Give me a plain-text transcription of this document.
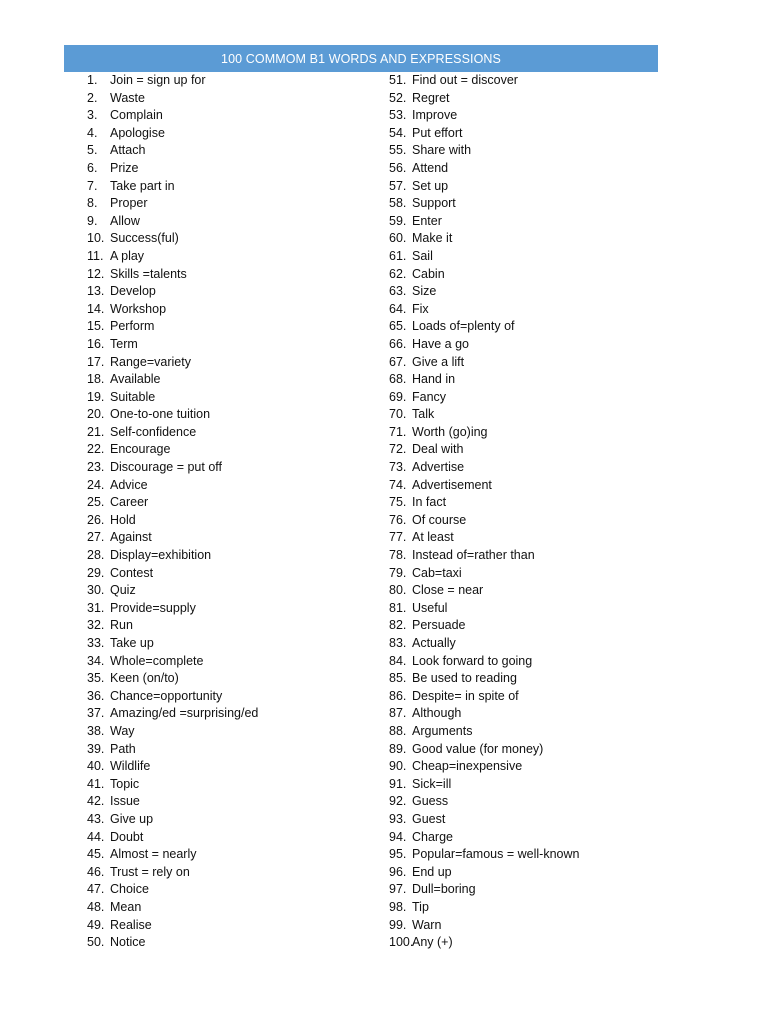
100 COMMOM B1 WORDS AND EXPRESSIONS
1. Join = sign up for
2. Waste
3. Complain
4. Apologise
5. Attach
6. Prize
7. Take part in
8. Proper
9. Allow
10. Success(ful)
11. A play
12. Skills =talents
13. Develop
14. Workshop
15. Perform
16. Term
17. Range=variety
18. Available
19. Suitable
20. One-to-one tuition
21. Self-confidence
22. Encourage
23. Discourage = put off
24. Advice
25. Career
26. Hold
27. Against
28. Display=exhibition
29. Contest
30. Quiz
31. Provide=supply
32. Run
33. Take up
34. Whole=complete
35. Keen (on/to)
36. Chance=opportunity
37. Amazing/ed =surprising/ed
38. Way
39. Path
40. Wildlife
41. Topic
42. Issue
43. Give up
44. Doubt
45. Almost = nearly
46. Trust = rely on
47. Choice
48. Mean
49. Realise
50. Notice
51. Find out = discover
52. Regret
53. Improve
54. Put effort
55. Share with
56. Attend
57. Set up
58. Support
59. Enter
60. Make it
61. Sail
62. Cabin
63. Size
64. Fix
65. Loads of=plenty of
66. Have a go
67. Give a lift
68. Hand in
69. Fancy
70. Talk
71. Worth (go)ing
72. Deal with
73. Advertise
74. Advertisement
75. In fact
76. Of course
77. At least
78. Instead of=rather than
79. Cab=taxi
80. Close = near
81. Useful
82. Persuade
83. Actually
84. Look forward to going
85. Be used to reading
86. Despite= in spite of
87. Although
88. Arguments
89. Good value (for money)
90. Cheap=inexpensive
91. Sick=ill
92. Guess
93. Guest
94. Charge
95. Popular=famous = well-known
96. End up
97. Dull=boring
98. Tip
99. Warn
100.Any (+)
